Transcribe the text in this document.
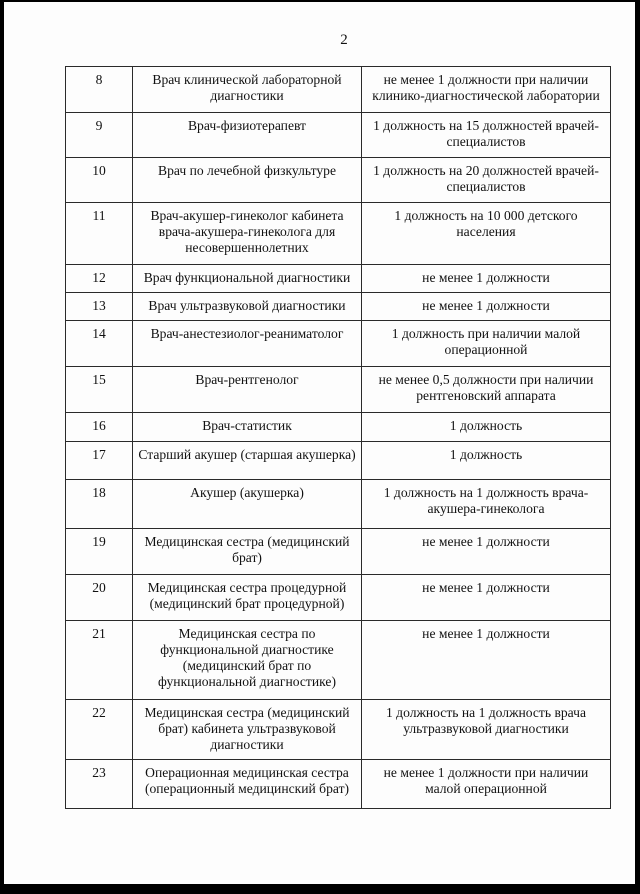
2
8	Врач клинической лабораторной диагностики	не менее 1 должности при наличии клинико-диагностической лаборатории
9	Врач-физиотерапевт	1 должность на 15 должностей врачей-специалистов
10	Врач по лечебной физкультуре	1 должность на 20 должностей врачей-специалистов
11	Врач-акушер-гинеколог кабинета врача-акушера-гинеколога для несовершеннолетних	1 должность на 10 000 детского населения
12	Врач функциональной диагностики	не менее 1 должности
13	Врач ультразвуковой диагностики	не менее 1 должности
14	Врач-анестезиолог-реаниматолог	1 должность при наличии малой операционной
15	Врач-рентгенолог	не менее 0,5 должности при наличии рентгеновский аппарата
16	Врач-статистик	1 должность
17	Старший акушер (старшая акушерка)	1 должность
18	Акушер (акушерка)	1 должность на 1 должность врача-акушера-гинеколога
19	Медицинская сестра (медицинский брат)	не менее 1 должности
20	Медицинская сестра процедурной (медицинский брат процедурной)	не менее 1 должности
21	Медицинская сестра по функциональной диагностике (медицинский брат по функциональной диагностике)	не менее 1 должности
22	Медицинская сестра (медицинский брат) кабинета ультразвуковой диагностики	1 должность на 1 должность врача ультразвуковой диагностики
23	Операционная медицинская сестра (операционный медицинский брат)	не менее 1 должности при наличии малой операционной
